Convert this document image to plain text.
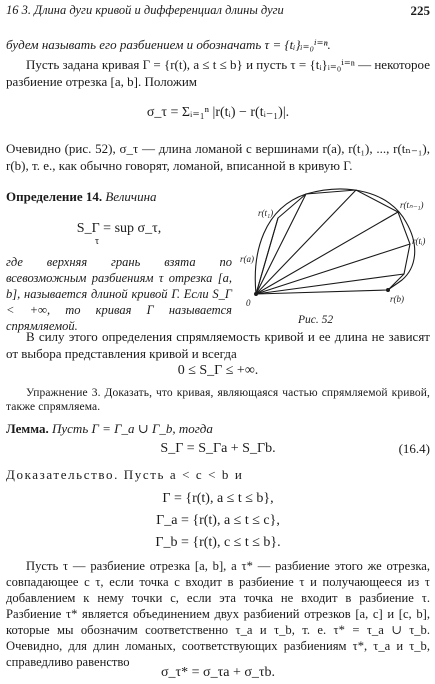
16 3. Длина дуги кривой и дифференциал длины дуги	225
будем называть его разбиением и обозначать τ = {tᵢ}ᵢ₌₀ⁱ⁼ⁿ.
Пусть задана кривая Γ = {r(t), a ≤ t ≤ b} и пусть τ = {tᵢ}ᵢ₌₀ⁱ⁼ⁿ — некоторое разбиение отрезка [a, b]. Положим
σ_τ = Σᵢ₌₁ⁿ |r(tᵢ) − r(tᵢ₋₁)|.
Очевидно (рис. 52), σ_τ — длина ломаной с вершинами r(a), r(t₁), ..., r(tₙ₋₁), r(b), т. е., как обычно говорят, ломаной, вписанной в кривую Γ.
Определение 14. Величина
S_Γ = sup σ_τ,
τ
где верхняя грань взята по всевозможным разбиениям τ отрезка [a, b], называется длиной кривой Γ. Если S_Γ < +∞, то кривая Γ называется спрямляемой.
r(t₁)
r(tₙ₋₁)
r(tᵢ)
r(a)
r(b)
0
Рис. 52
В силу этого определения спрямляемость кривой и ее длина не зависят от выбора представления кривой и всегда
0 ≤ S_Γ ≤ +∞.
Упражнение 3. Доказать, что кривая, являющаяся частью спрямляемой кривой, также спрямляема.
Лемма. Пусть Γ = Γ_a ∪ Γ_b, тогда
S_Γ = S_Γa + S_Γb.	(16.4)
Доказательство. Пусть a < c < b и
Γ = {r(t), a ≤ t ≤ b},
Γ_a = {r(t), a ≤ t ≤ c},
Γ_b = {r(t), c ≤ t ≤ b}.
Пусть τ — разбиение отрезка [a, b], а τ* — разбиение этого же отрезка, совпадающее с τ, если точка c входит в разбиение τ и получающееся из τ добавлением к нему точки c, если эта точка не входит в разбиение τ. Разбиение τ* является объединением двух разбиений отрезков [a, c] и [c, b], которые мы обозначим соответственно τ_a и τ_b, т. е. τ* = τ_a ∪ τ_b. Очевидно, для длин ломаных, соответствующих разбиениям τ*, τ_a и τ_b, справедливо равенство
σ_τ* = σ_τa + σ_τb.
